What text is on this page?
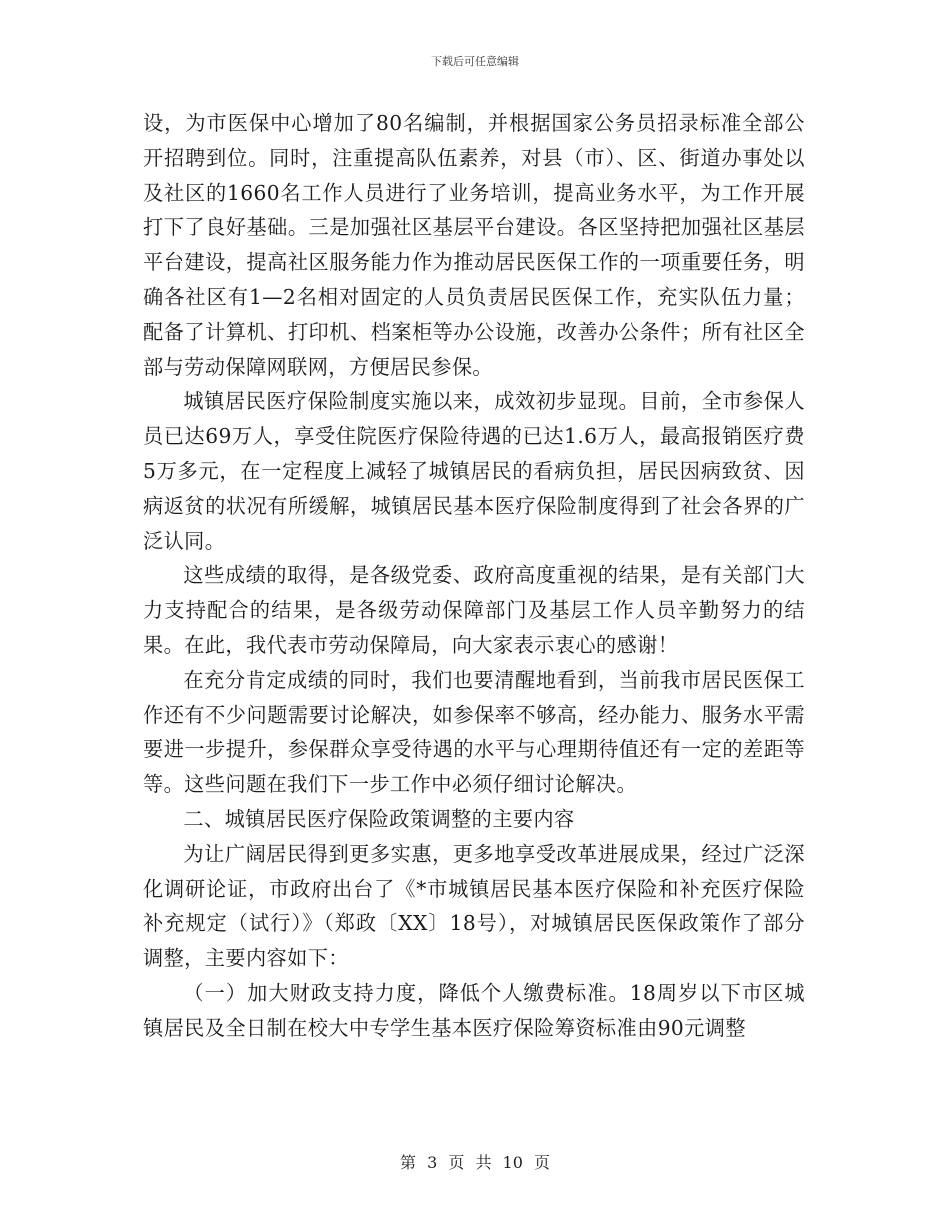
下载后可任意编辑

设，为市医保中心增加了80名编制，并根据国家公务员招录标准全部公开招聘到位。同时，注重提高队伍素养，对县（市）、区、街道办事处以及社区的1660名工作人员进行了业务培训，提高业务水平，为工作开展打下了良好基础。三是加强社区基层平台建设。各区坚持把加强社区基层平台建设，提高社区服务能力作为推动居民医保工作的一项重要任务，明确各社区有1—2名相对固定的人员负责居民医保工作，充实队伍力量；配备了计算机、打印机、档案柜等办公设施，改善办公条件；所有社区全部与劳动保障网联网，方便居民参保。

城镇居民医疗保险制度实施以来，成效初步显现。目前，全市参保人员已达69万人，享受住院医疗保险待遇的已达1.6万人，最高报销医疗费5万多元，在一定程度上减轻了城镇居民的看病负担，居民因病致贫、因病返贫的状况有所缓解，城镇居民基本医疗保险制度得到了社会各界的广泛认同。

这些成绩的取得，是各级党委、政府高度重视的结果，是有关部门大力支持配合的结果，是各级劳动保障部门及基层工作人员辛勤努力的结果。在此，我代表市劳动保障局，向大家表示衷心的感谢！

在充分肯定成绩的同时，我们也要清醒地看到，当前我市居民医保工作还有不少问题需要讨论解决，如参保率不够高，经办能力、服务水平需要进一步提升，参保群众享受待遇的水平与心理期待值还有一定的差距等等。这些问题在我们下一步工作中必须仔细讨论解决。

二、城镇居民医疗保险政策调整的主要内容

为让广阔居民得到更多实惠，更多地享受改革进展成果，经过广泛深化调研论证，市政府出台了《*市城镇居民基本医疗保险和补充医疗保险补充规定（试行）》（郑政〔XX〕18号），对城镇居民医保政策作了部分调整，主要内容如下：

（一）加大财政支持力度，降低个人缴费标准。18周岁以下市区城镇居民及全日制在校大中专学生基本医疗保险筹资标准由90元调整

第 3 页 共 10 页
